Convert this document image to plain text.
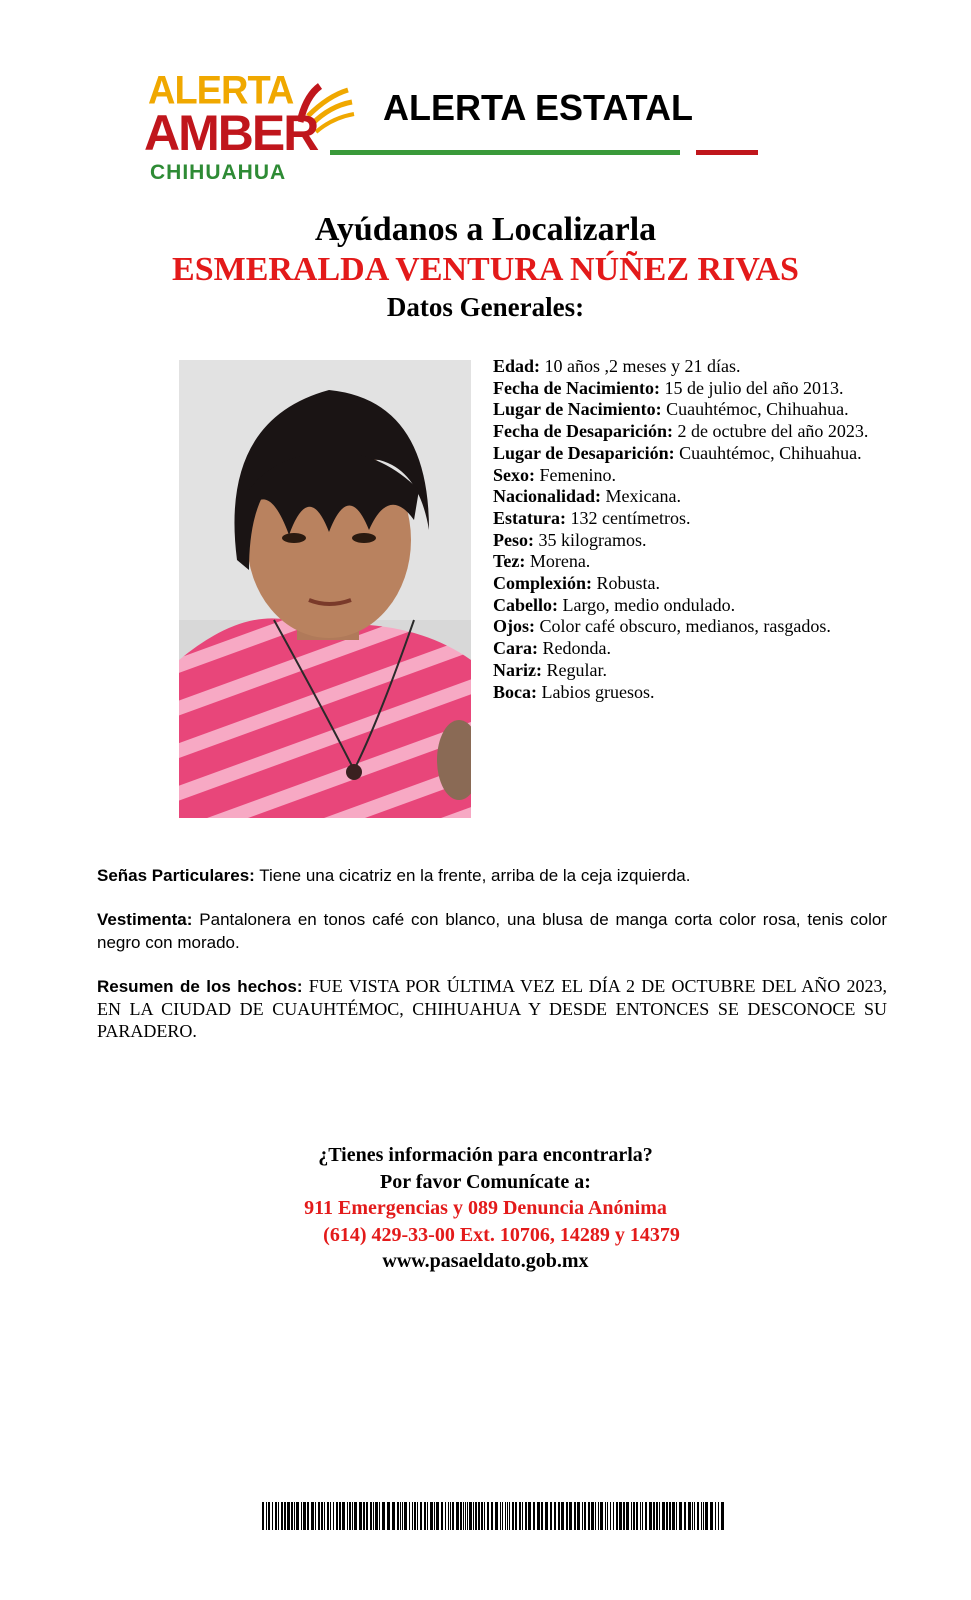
ALERTA
AMBER
CHIHUAHUA
ALERTA ESTATAL
Ayúdanos a Localizarla
ESMERALDA VENTURA NÚÑEZ RIVAS
Datos Generales:

Edad: 10 años ,2 meses y 21 días.

Fecha de Nacimiento: 15 de julio del año 2013.

Lugar de Nacimiento: Cuauhtémoc, Chihuahua.

Fecha de Desaparición: 2 de octubre del año 2023.

Lugar de Desaparición: Cuauhtémoc, Chihuahua.

Sexo: Femenino.

Nacionalidad: Mexicana.

Estatura: 132 centímetros.

Peso: 35 kilogramos.

Tez: Morena.

Complexión: Robusta.

Cabello: Largo, medio ondulado.

Ojos: Color café obscuro, medianos, rasgados.

Cara: Redonda.

Nariz: Regular.

Boca: Labios gruesos.

Señas Particulares: Tiene una cicatriz en la frente, arriba de la ceja izquierda.

Vestimenta: Pantalonera en tonos café con blanco, una blusa de manga corta color rosa, tenis color negro con morado.

Resumen de los hechos: FUE VISTA POR ÚLTIMA VEZ EL DÍA 2 DE OCTUBRE DEL AÑO 2023, EN LA CIUDAD DE CUAUHTÉMOC, CHIHUAHUA Y DESDE ENTONCES SE DESCONOCE SU PARADERO.

¿Tienes información para encontrarla?
Por favor Comunícate a:
911 Emergencias y 089 Denuncia Anónima
(614) 429-33-00 Ext. 10706, 14289 y 14379
www.pasaeldato.gob.mx
